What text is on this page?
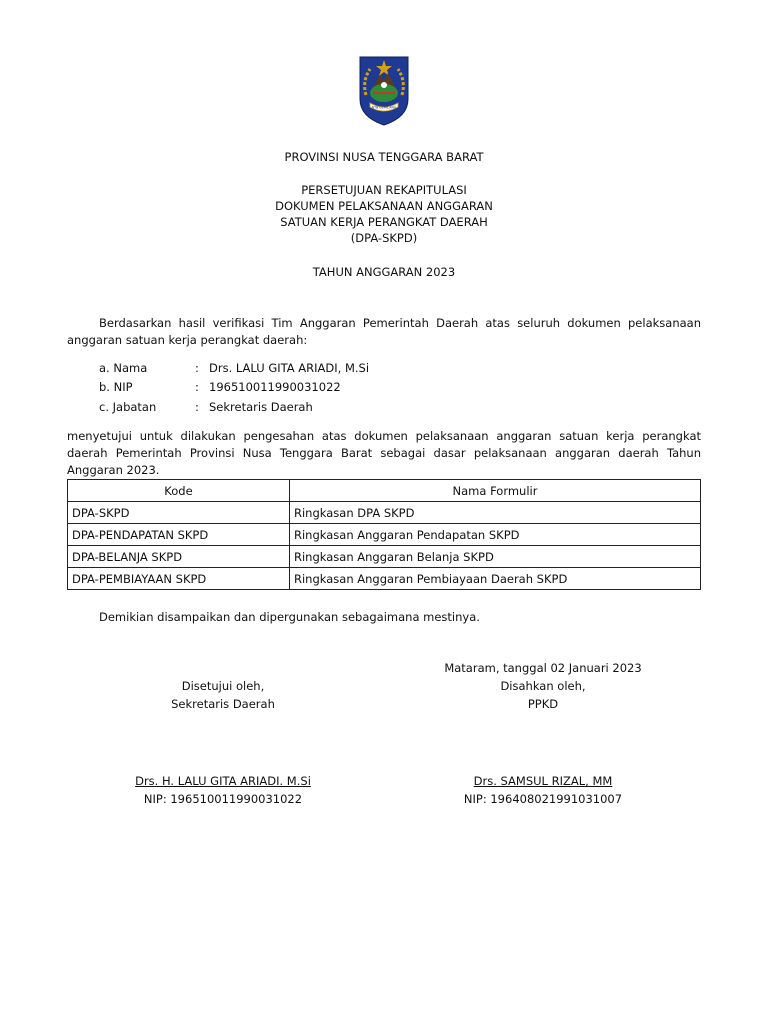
NTB GEMILANG
PROVINSI NUSA TENGGARA BARAT
PERSETUJUAN REKAPITULASI
DOKUMEN PELAKSANAAN ANGGARAN
SATUAN KERJA PERANGKAT DAERAH
(DPA-SKPD)
TAHUN ANGGARAN 2023
Berdasarkan hasil verifikasi Tim Anggaran Pemerintah Daerah atas seluruh dokumen pelaksanaan anggaran satuan kerja perangkat daerah:
a. Nama	: Drs. LALU GITA ARIADI, M.Si
b. NIP	: 196510011990031022
c. Jabatan	: Sekretaris Daerah
menyetujui untuk dilakukan pengesahan atas dokumen pelaksanaan anggaran satuan kerja perangkat daerah Pemerintah Provinsi Nusa Tenggara Barat sebagai dasar pelaksanaan anggaran daerah Tahun Anggaran 2023.
Kode	Nama Formulir
DPA-SKPD	Ringkasan DPA SKPD
DPA-PENDAPATAN SKPD	Ringkasan Anggaran Pendapatan SKPD
DPA-BELANJA SKPD	Ringkasan Anggaran Belanja SKPD
DPA-PEMBIAYAAN SKPD	Ringkasan Anggaran Pembiayaan Daerah SKPD
Demikian disampaikan dan dipergunakan sebagaimana mestinya.
Mataram, tanggal 02 Januari 2023
Disetujui oleh,
Sekretaris Daerah
Drs. H. LALU GITA ARIADI. M.Si
NIP: 196510011990031022
Disahkan oleh,
PPKD
Drs. SAMSUL RIZAL, MM
NIP: 196408021991031007
